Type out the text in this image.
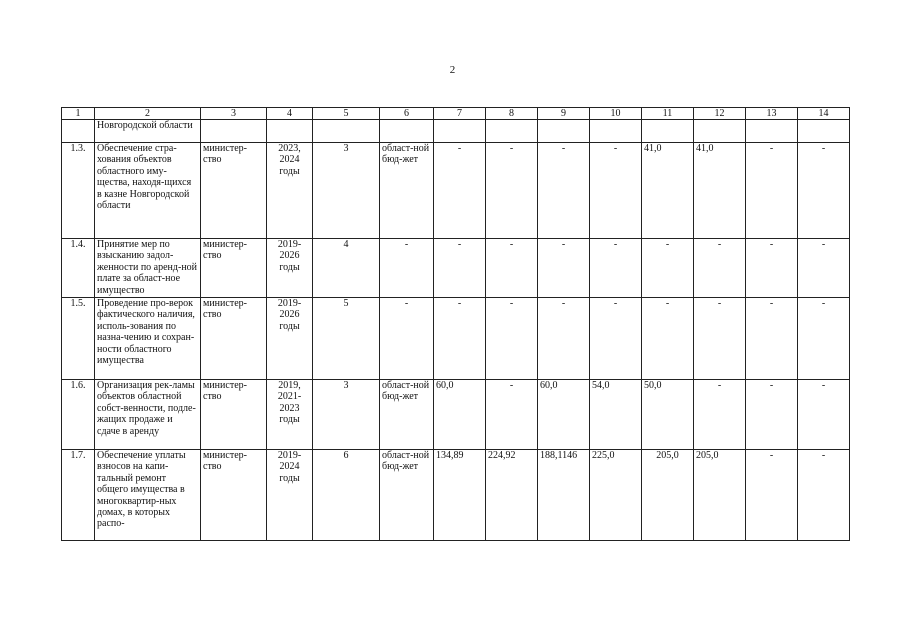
2
1	2	3	4	5	6	7	8	9	10	11	12	13	14
	Новгородской области												
1.3.	Обеспечение стра-хования объектов областного иму-щества, находя-щихся в казне Новгородской области	министер-ство	2023, 2024 годы	3	област-ной бюд-жет	-	-	-	-	41,0	41,0	-	-
1.4.	Принятие мер по взысканию задол-женности по аренд-ной плате за област-ное имущество	министер-ство	2019-2026 годы	4	-	-	-	-	-	-	-	-	-
1.5.	Проведение про-верок фактического наличия, исполь-зования по назна-чению и сохран-ности областного имущества	министер-ство	2019-2026 годы	5	-	-	-	-	-	-	-	-	-
1.6.	Организация рек-ламы объектов областной собст-венности, подле-жащих продаже и сдаче в аренду	министер-ство	2019, 2021-2023 годы	3	област-ной бюд-жет	60,0	-	60,0	54,0	50,0	-	-	-
1.7.	Обеспечение уплаты взносов на капи-тальный ремонт общего имущества в многоквартир-ных домах, в которых распо-	министер-ство	2019-2024 годы	6	област-ной бюд-жет	134,89	224,92	188,1146	225,0	205,0	205,0	-	-
